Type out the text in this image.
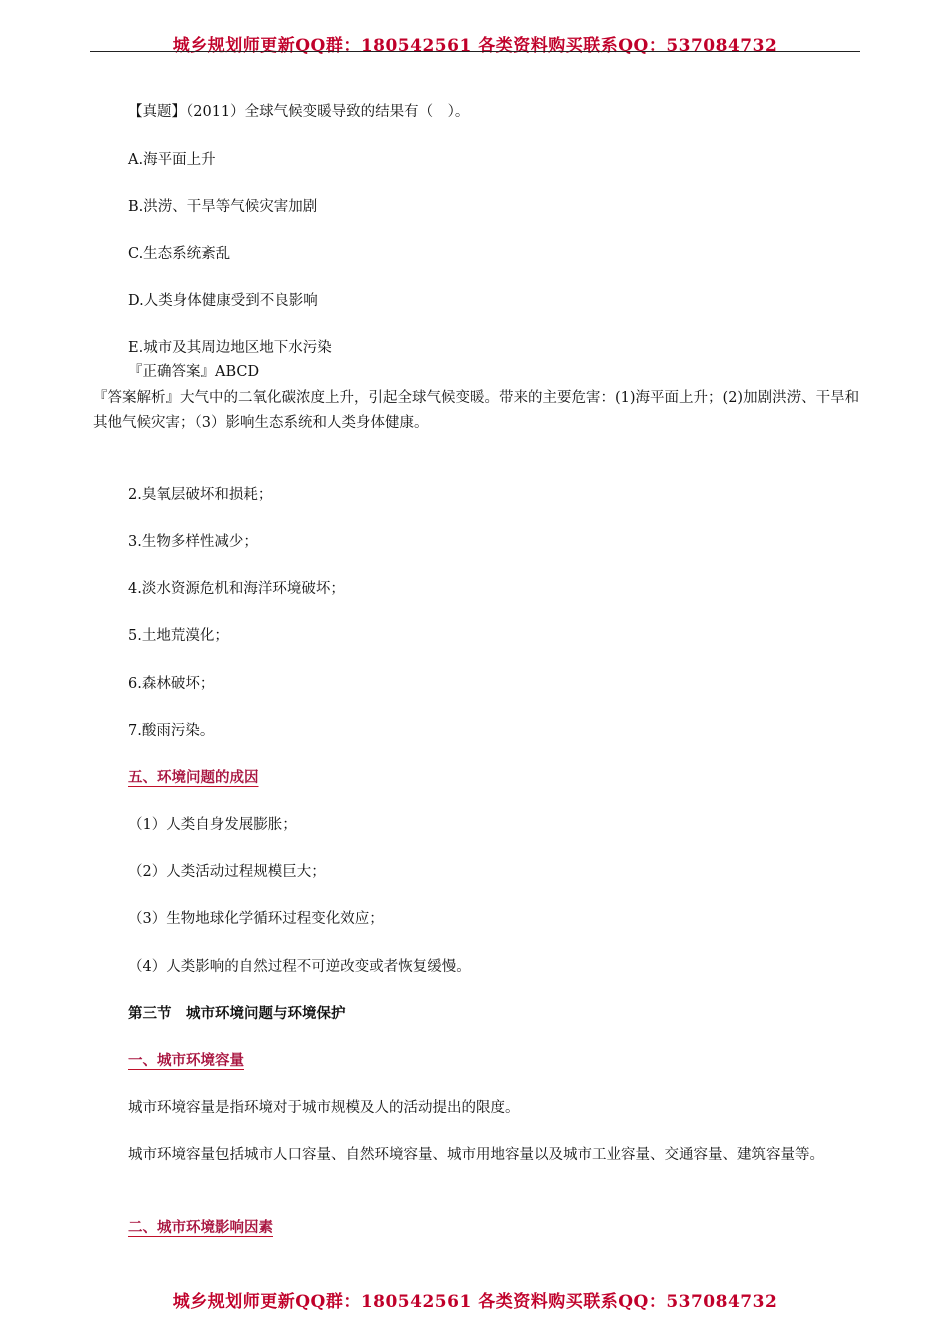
城乡规划师更新QQ群：180542561 各类资料购买联系QQ：537084732
【真题】（2011）全球气候变暖导致的结果有（　）。
A.海平面上升
B.洪涝、干旱等气候灾害加剧
C.生态系统紊乱
D.人类身体健康受到不良影响
E.城市及其周边地区地下水污染
『正确答案』ABCD
『答案解析』大气中的二氧化碳浓度上升，引起全球气候变暖。带来的主要危害：(1)海平面上升；(2)加剧洪涝、干旱和其他气候灾害；（3）影响生态系统和人类身体健康。
2.臭氧层破坏和损耗；
3.生物多样性减少；
4.淡水资源危机和海洋环境破坏；
5.土地荒漠化；
6.森林破坏；
7.酸雨污染。
五、环境问题的成因
（1）人类自身发展膨胀；
（2）人类活动过程规模巨大；
（3）生物地球化学循环过程变化效应；
（4）人类影响的自然过程不可逆改变或者恢复缓慢。
第三节　城市环境问题与环境保护
一、城市环境容量
城市环境容量是指环境对于城市规模及人的活动提出的限度。
城市环境容量包括城市人口容量、自然环境容量、城市用地容量以及城市工业容量、交通容量、建筑容量等。
二、城市环境影响因素
城乡规划师更新QQ群：180542561 各类资料购买联系QQ：537084732
